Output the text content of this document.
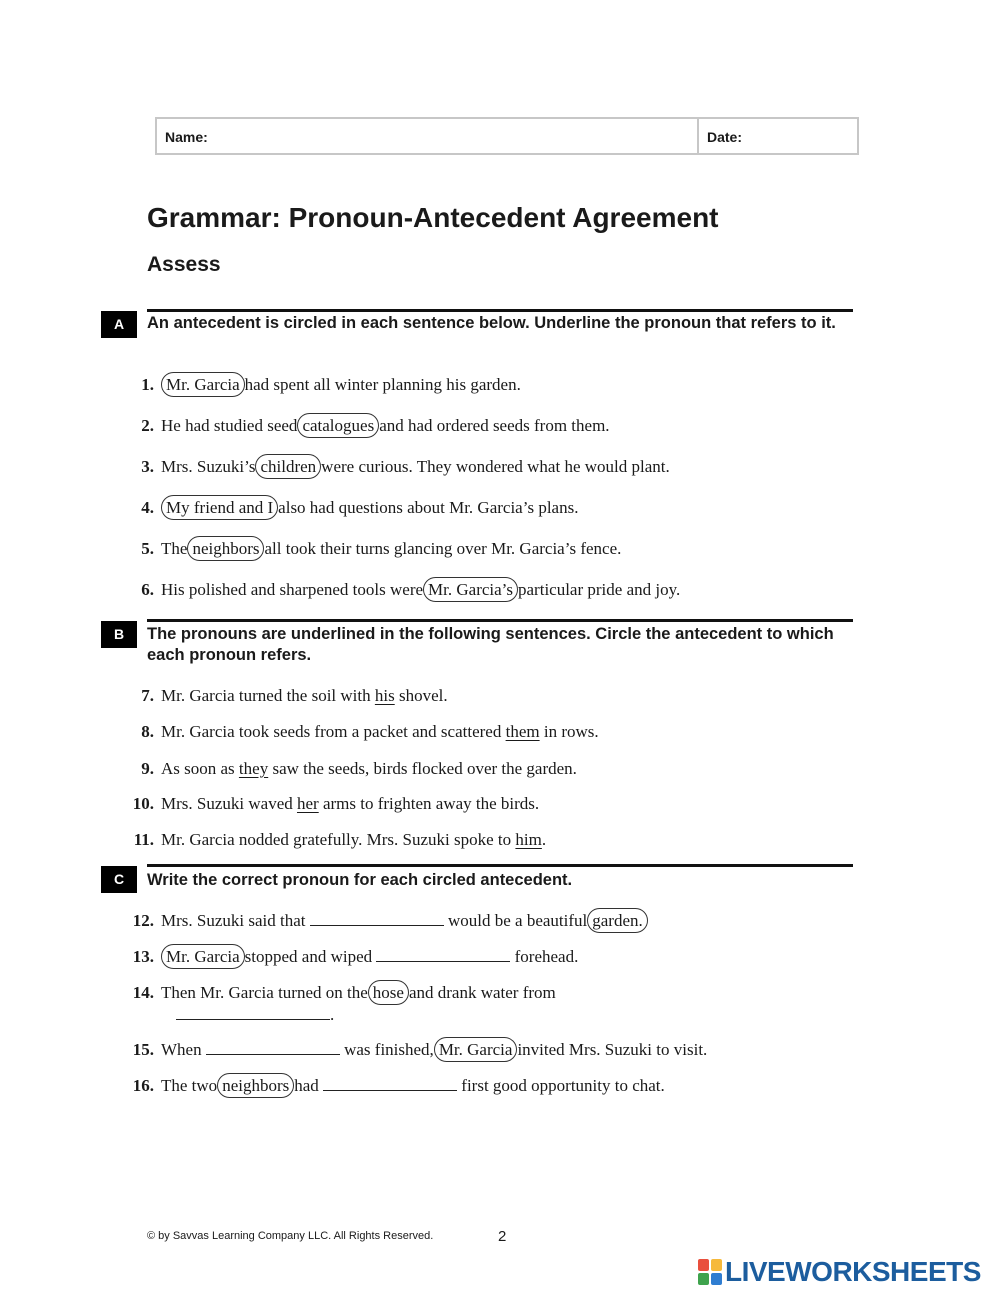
Name:	Date:
Grammar: Pronoun-Antecedent Agreement
Assess
A	An antecedent is circled in each sentence below. Underline the pronoun that refers to it.
1. Mr. Garcia had spent all winter planning his garden.
2. He had studied seed catalogues and had ordered seeds from them.
3. Mrs. Suzuki’s children were curious. They wondered what he would plant.
4. My friend and I also had questions about Mr. Garcia’s plans.
5. The neighbors all took their turns glancing over Mr. Garcia’s fence.
6. His polished and sharpened tools were Mr. Garcia’s particular pride and joy.
B	The pronouns are underlined in the following sentences. Circle the antecedent to which each pronoun refers.
7. Mr. Garcia turned the soil with his shovel.
8. Mr. Garcia took seeds from a packet and scattered them in rows.
9. As soon as they saw the seeds, birds flocked over the garden.
10. Mrs. Suzuki waved her arms to frighten away the birds.
11. Mr. Garcia nodded gratefully. Mrs. Suzuki spoke to him.
C	Write the correct pronoun for each circled antecedent.
12. Mrs. Suzuki said that	would be a beautiful garden.
13. Mr. Garcia stopped and wiped	forehead.
14. Then Mr. Garcia turned on the hose and drank water from
.
15. When	was finished, Mr. Garcia invited Mrs. Suzuki to visit.
16. The two neighbors had	first good opportunity to chat.
© by Savvas Learning Company LLC. All Rights Reserved.	2
LIVEWORKSHEETS
